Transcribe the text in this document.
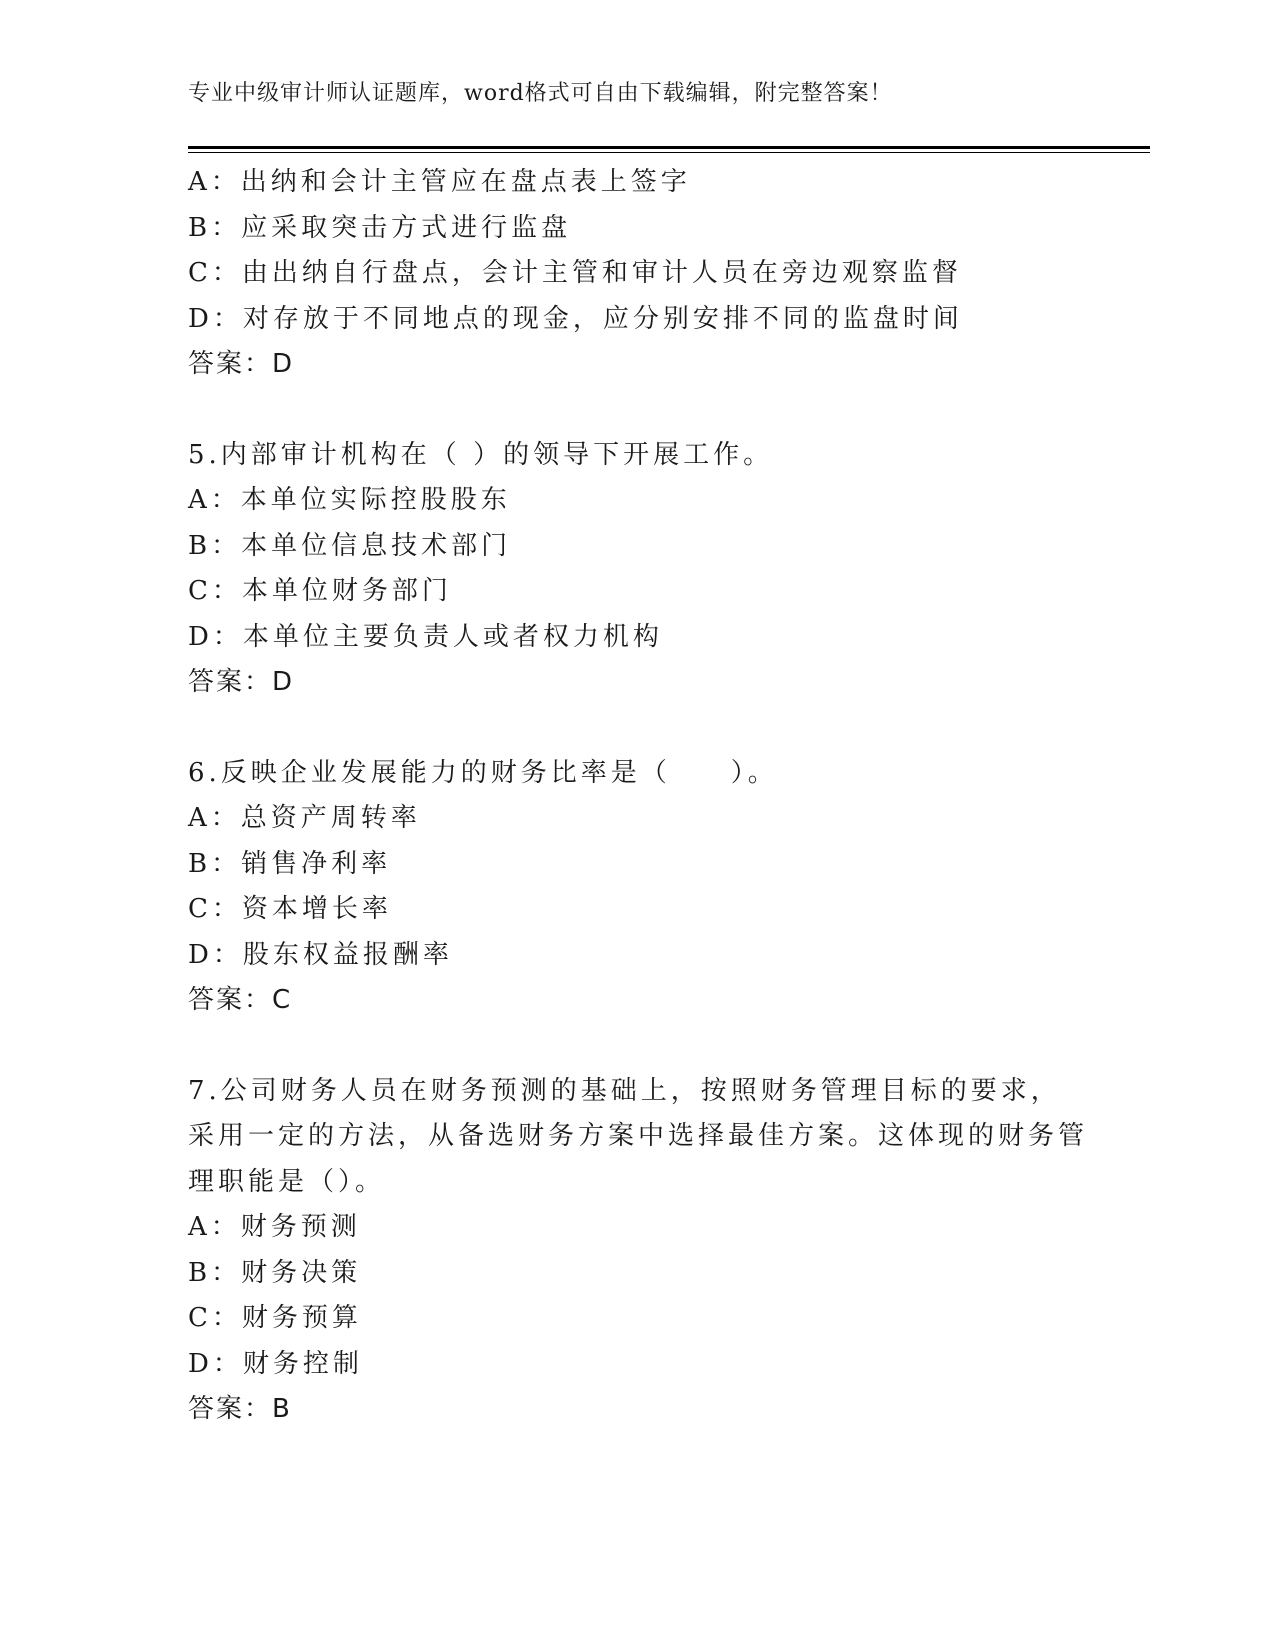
专业中级审计师认证题库，word格式可自由下载编辑，附完整答案！
A：出纳和会计主管应在盘点表上签字
B：应采取突击方式进行监盘
C：由出纳自行盘点，会计主管和审计人员在旁边观察监督
D：对存放于不同地点的现金，应分别安排不同的监盘时间
答案：D
5.内部审计机构在（ ）的领导下开展工作。
A：本单位实际控股股东
B：本单位信息技术部门
C：本单位财务部门
D：本单位主要负责人或者权力机构
答案：D
6.反映企业发展能力的财务比率是（　　）。
A：总资产周转率
B：销售净利率
C：资本增长率
D：股东权益报酬率
答案：C
7.公司财务人员在财务预测的基础上，按照财务管理目标的要求，采用一定的方法，从备选财务方案中选择最佳方案。这体现的财务管理职能是（）。
A：财务预测
B：财务决策
C：财务预算
D：财务控制
答案：B
